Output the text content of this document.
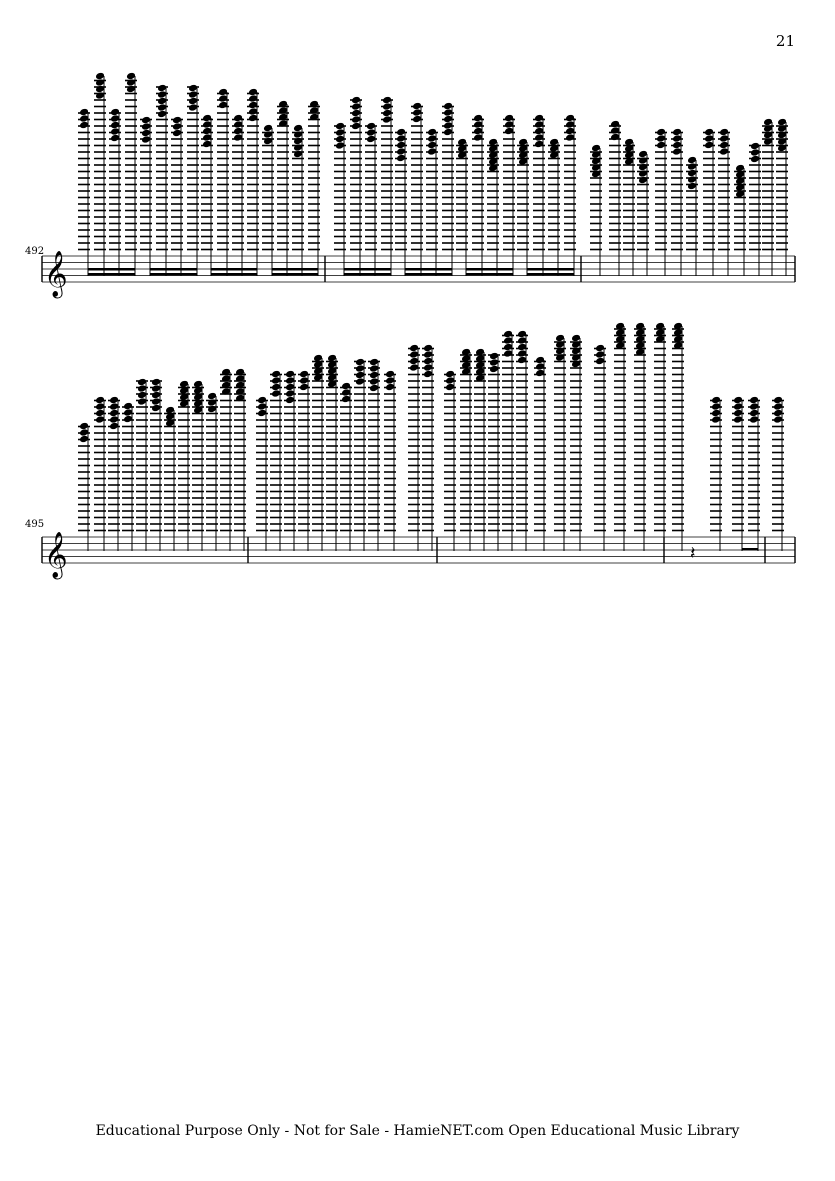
21
492
495
𝄞
𝄞	𝄽
Educational Purpose Only - Not for Sale - HamieNET.com Open Educational Music Library
